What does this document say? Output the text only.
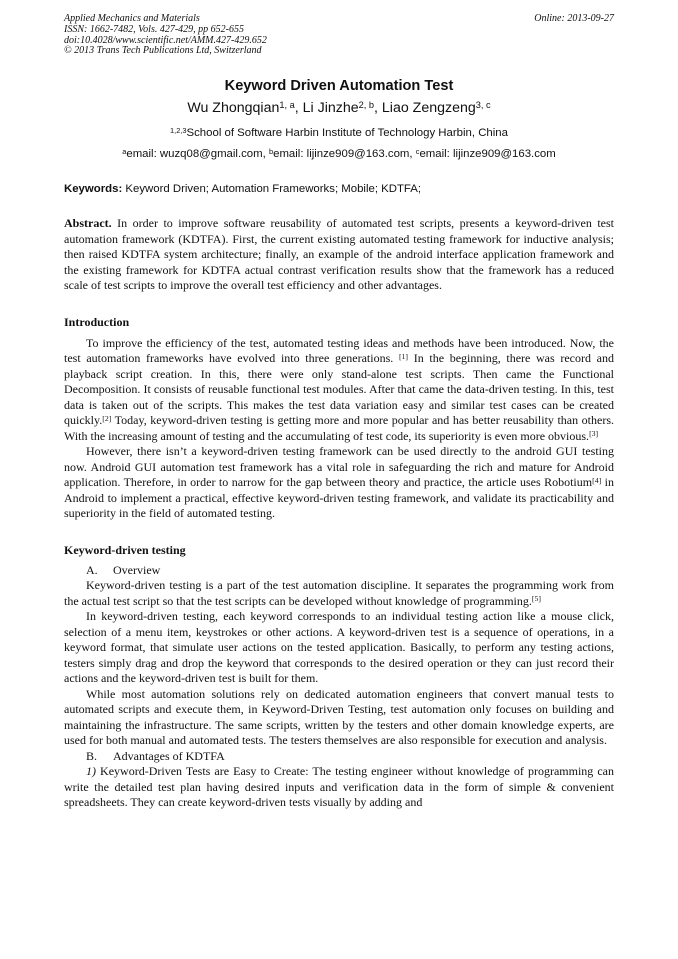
Applied Mechanics and Materials
ISSN: 1662-7482, Vols. 427-429, pp 652-655
doi:10.4028/www.scientific.net/AMM.427-429.652
© 2013 Trans Tech Publications Ltd, Switzerland
Online: 2013-09-27
Keyword Driven Automation Test
Wu Zhongqian$^{1, a}$, Li Jinzhe$^{2, b}$, Liao Zengzeng$^{3, c}$
$^{1,2,3}$School of Software Harbin Institute of Technology Harbin, China
$^a$email: wuzq08@gmail.com, $^b$email: lijinze909@163.com, $^c$email: lijinze909@163.com
Keywords: Keyword Driven; Automation Frameworks; Mobile; KDTFA;
Abstract. In order to improve software reusability of automated test scripts, presents a keyword-driven test automation framework (KDTFA). First, the current existing automated testing framework for inductive analysis; then raised KDTFA system architecture; finally, an example of the android interface application framework and the existing framework for KDTFA actual contrast verification results show that the framework has a reduced scale of test scripts to improve the overall test efficiency and other advantages.
Introduction

To improve the efficiency of the test, automated testing ideas and methods have been introduced. Now, the test automation frameworks have evolved into three generations. [1] In the beginning, there was record and playback script creation. In this, there were only stand-alone test scripts. Then came the Functional Decomposition. It consists of reusable functional test modules. After that came the data-driven testing. In this, test data is taken out of the scripts. This makes the test data variation easy and similar test cases can be created quickly.[2] Today, keyword-driven testing is getting more and more popular and has better reusability than others. With the increasing amount of testing and the accumulating of test code, its superiority is even more obvious.[3]

However, there isn’t a keyword-driven testing framework can be used directly to the android GUI testing now. Android GUI automation test framework has a vital role in safeguarding the rich and mature for Android application. Therefore, in order to narrow for the gap between theory and practice, the article uses Robotium[4] in Android to implement a practical, effective keyword-driven testing framework, and validate its practicability and superiority in the field of automated testing.

Keyword-driven testing
A. Overview

Keyword-driven testing is a part of the test automation discipline. It separates the programming work from the actual test script so that the test scripts can be developed without knowledge of programming.[5]

In keyword-driven testing, each keyword corresponds to an individual testing action like a mouse click, selection of a menu item, keystrokes or other actions. A keyword-driven test is a sequence of operations, in a keyword format, that simulate user actions on the tested application. Basically, to perform any testing actions, testers simply drag and drop the keyword that corresponds to the desired operation or they can just record their actions and the keyword-driven test is built for them.

While most automation solutions rely on dedicated automation engineers that convert manual tests to automated scripts and execute them, in Keyword-Driven Testing, test automation only focuses on building and maintaining the infrastructure. The same scripts, written by the testers and other domain knowledge experts, are used for both manual and automated tests. The testers themselves are also responsible for execution and analysis.

B. Advantages of KDTFA

1) Keyword-Driven Tests are Easy to Create: The testing engineer without knowledge of programming can write the detailed test plan having desired inputs and verification data in the form of simple & convenient spreadsheets. They can create keyword-driven tests visually by adding and
